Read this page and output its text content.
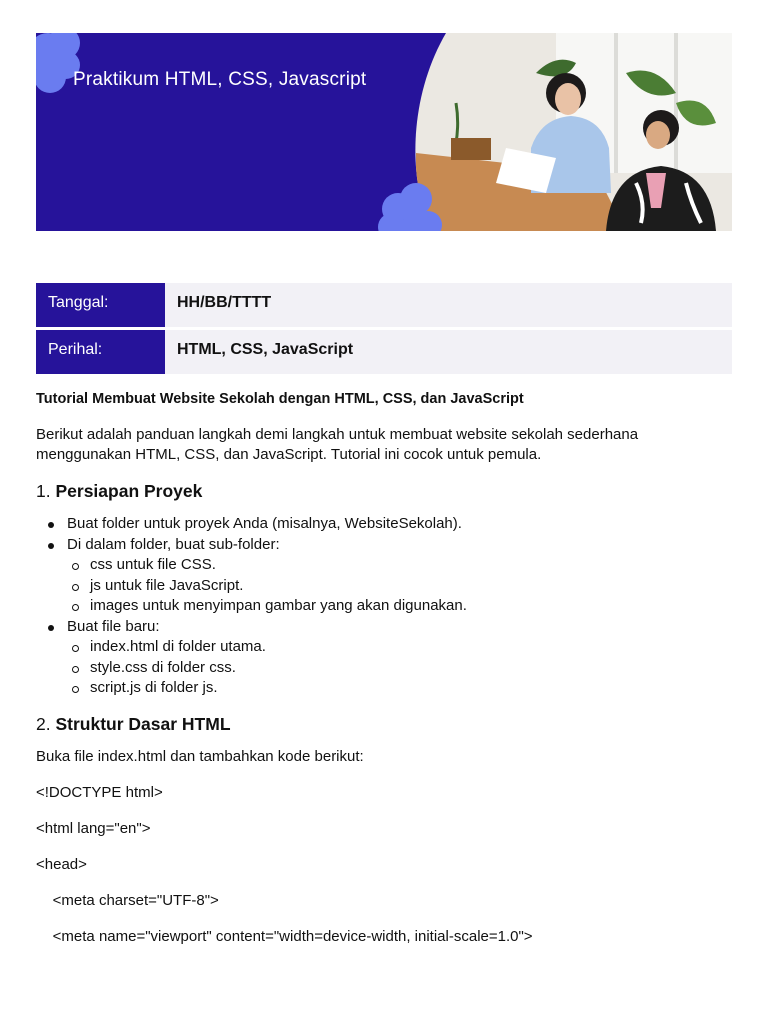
Praktikum HTML, CSS, Javascript
Tanggal:	HH/BB/TTTT
Perihal:	HTML, CSS, JavaScript

Tutorial Membuat Website Sekolah dengan HTML, CSS, dan JavaScript

Berikut adalah panduan langkah demi langkah untuk membuat website sekolah sederhana menggunakan HTML, CSS, dan JavaScript. Tutorial ini cocok untuk pemula.

1. Persiapan Proyek
Buat folder untuk proyek Anda (misalnya, WebsiteSekolah).
Di dalam folder, buat sub-folder:
css untuk file CSS.
js untuk file JavaScript.
images untuk menyimpan gambar yang akan digunakan.
Buat file baru:
index.html di folder utama.
style.css di folder css.
script.js di folder js.
2. Struktur Dasar HTML

Buka file index.html dan tambahkan kode berikut:

<!DOCTYPE html>

<html lang="en">

<head>

<meta charset="UTF-8">

<meta name="viewport" content="width=device-width, initial-scale=1.0">
